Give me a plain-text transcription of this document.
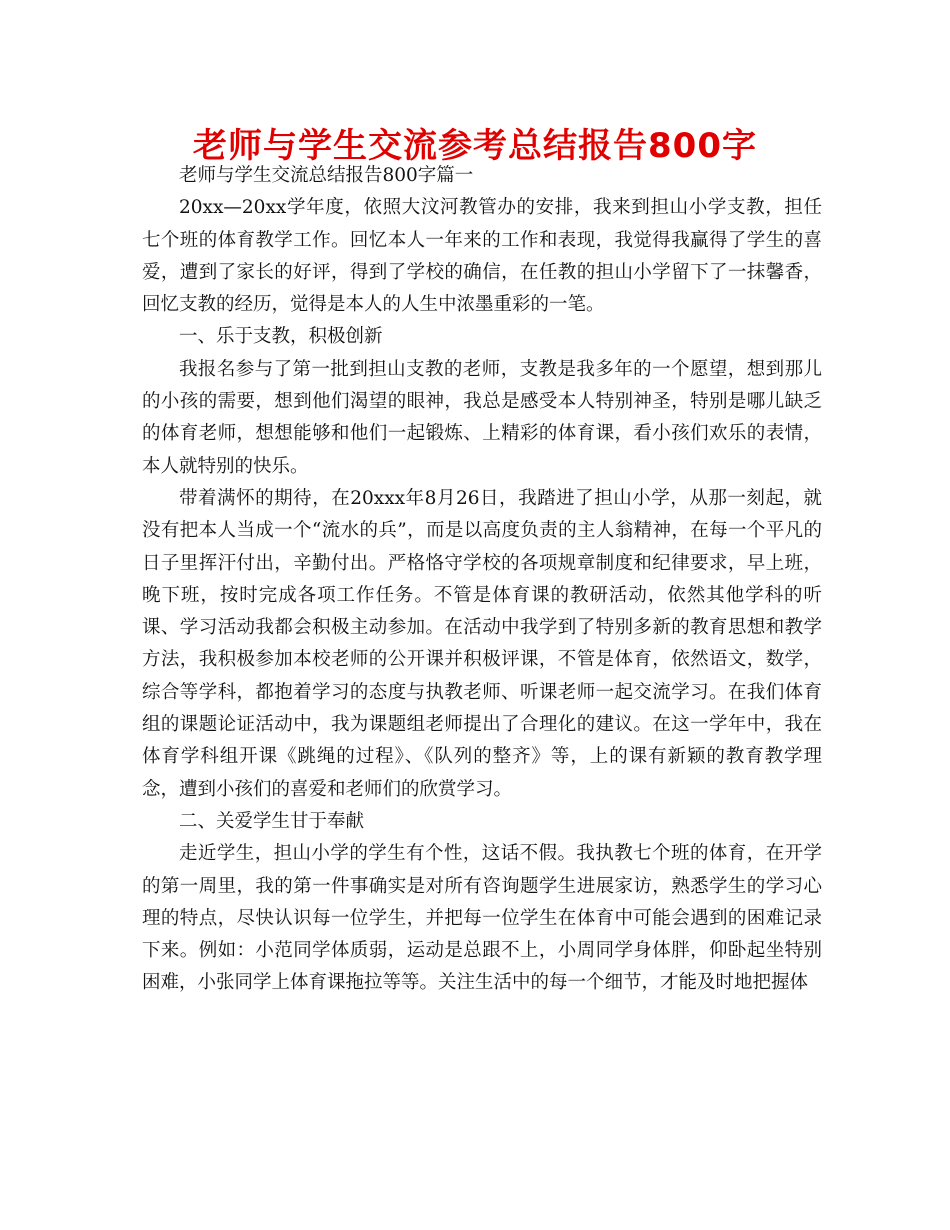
老师与学生交流参考总结报告800字

老师与学生交流总结报告800字篇一

20xx—20xx学年度，依照大汶河教管办的安排，我来到担山小学支教，担任七个班的体育教学工作。回忆本人一年来的工作和表现，我觉得我赢得了学生的喜爱，遭到了家长的好评，得到了学校的确信，在任教的担山小学留下了一抹馨香，回忆支教的经历，觉得是本人的人生中浓墨重彩的一笔。

一、乐于支教，积极创新

我报名参与了第一批到担山支教的老师，支教是我多年的一个愿望，想到那儿的小孩的需要，想到他们渴望的眼神，我总是感受本人特别神圣，特别是哪儿缺乏的体育老师，想想能够和他们一起锻炼、上精彩的体育课，看小孩们欢乐的表情，本人就特别的快乐。

带着满怀的期待，在20xxx年8月26日，我踏进了担山小学，从那一刻起，就没有把本人当成一个“流水的兵”，而是以高度负责的主人翁精神，在每一个平凡的日子里挥汗付出，辛勤付出。严格恪守学校的各项规章制度和纪律要求，早上班，晚下班，按时完成各项工作任务。不管是体育课的教研活动，依然其他学科的听课、学习活动我都会积极主动参加。在活动中我学到了特别多新的教育思想和教学方法，我积极参加本校老师的公开课并积极评课，不管是体育，依然语文，数学，综合等学科，都抱着学习的态度与执教老师、听课老师一起交流学习。在我们体育组的课题论证活动中，我为课题组老师提出了合理化的建议。在这一学年中，我在体育学科组开课《跳绳的过程》、《队列的整齐》等，上的课有新颖的教育教学理念，遭到小孩们的喜爱和老师们的欣赏学习。

二、关爱学生甘于奉献

走近学生，担山小学的学生有个性，这话不假。我执教七个班的体育，在开学的第一周里，我的第一件事确实是对所有咨询题学生进展家访，熟悉学生的学习心理的特点，尽快认识每一位学生，并把每一位学生在体育中可能会遇到的困难记录下来。例如：小范同学体质弱，运动是总跟不上，小周同学身体胖，仰卧起坐特别困难，小张同学上体育课拖拉等等。关注生活中的每一个细节，才能及时地把握体
